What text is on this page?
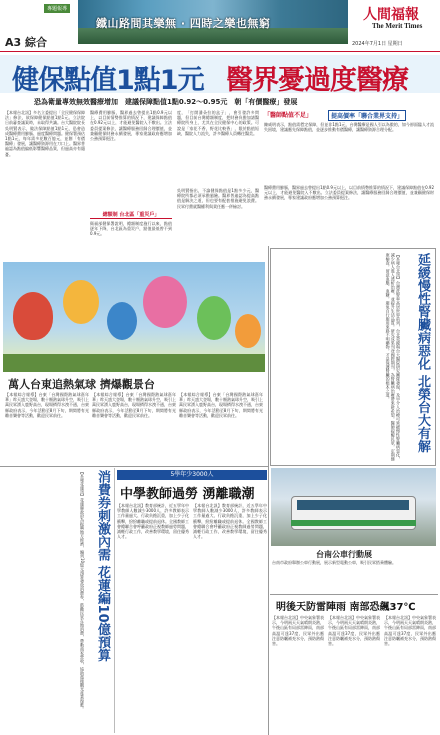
專題報導
A3 綜合
鐵山路間其樂無 · 四時之樂也無窮
人間福報
The Merit Times
2024年7月1日 星期日
健保點值1點1元 醫界憂過度醫療
恐為衛量專效無效醫療增加　建議保障點值1點0.92～0.95元　朝「有價醫療」發展
【本報台北訊】多名立委提出「全民健保保障法」修法，欲保障健保點值1點1元。立法院日前審查議案時，未取得共識。台大醫院院長吳明賢表示，做法保障點值1點1元，恐會造成醫療費用膨脹、過度醫療問題。健保署預估1點1元，每年需多花數百億元，並創「有價醫療」發展，讓醫療資源用在刀口上。醫界普遍認為點值偏低影響醫療品質，但過高亦有隱憂。
醫療費用膨脹，醫界過去曾提出1點0.9元以上，以目前情勢推算的情況下，建議保障點值在0.92元以上，才能避免醫院入不敷出。立法委員提案修法，讓醫療服務回歸合理價值，並兼顧健保財務永續發展，專家建議政府應增加公務預算挹注。
總額制 台北區「重災戶」
衛福部健保署說明，總額制度施行以來，點值逐年下降，台北區為重災戶，點值最低曾不到0.9元。
度，「打開潘朵拉的盒子」，會引發許多問題，但目前台灣總額制度，把財務負擔加諸醫療院所身上，尤其在全民健保中心的政策。可說是「家花不香，野花比較香」，限於點值短缺，醫院人力流失，許多醫療人員轉往醫美。
吳明賢指出，不論健保點值是1點多少元，醫療院所都必須承擔風險。醫界普遍認為提高點值是解決之道，但也要有配套措施避免浪費。民眾付費就醫權利與責任應一併檢討。
「醫師點值不足」	提高價率「聯合業界支持」
陳威明表示，點值需穩定保障，但並非1點1元，台灣醫療是國人引以為傲的，如今卻面臨人才流失困境，建議應先保障點值，並逐步推動有價醫療，讓醫療資源合理分配。
醫療費用膨脹，醫界過去曾提出1點0.9元以上，以目前情勢推算的情況下，建議保障點值在0.92元以上，才能避免醫院入不敷出。立法委員提案修法，讓醫療服務回歸合理價值，並兼顧健保財務永續發展，專家建議政府應增加公務預算挹注。
萬人台東追熱氣球 擠爆觀景台
【本報綜合報導】台東「台灣國際熱氣球嘉年華」昨天盛大登場，數十顆熱氣球升空，吸引上萬民眾湧入鹿野高台，現場擠得水洩不通，台東縣政府表示，今年活動至8月下旬，期間將有光雕音樂會等活動，歡迎民眾前往。
【本報綜合報導】台東「台灣國際熱氣球嘉年華」昨天盛大登場，數十顆熱氣球升空，吸引上萬民眾湧入鹿野高台，現場擠得水洩不通，台東縣政府表示，今年活動至8月下旬，期間將有光雕音樂會等活動，歡迎民眾前往。
【本報綜合報導】台東「台灣國際熱氣球嘉年華」昨天盛大登場，數十顆熱氣球升空，吸引上萬民眾湧入鹿野高台，現場擠得水洩不通，台東縣政府表示，今年活動至8月下旬，期間將有光雕音樂會等活動，歡迎民眾前往。	【本報台北訊】台灣洗腎率高居世界前列，台北榮總與台大醫院研究團隊發現，及早介入治療可延緩慢性腎臟病惡化，減少病人進入透析治療，並提升生活品質。研究成果刊登國際期刊，為腎臟病治療帶來新希望。醫師提醒民眾，定期健康檢查，留意血壓、血糖，避免自行服用來路不明藥物，才是保護腎臟的根本之道。	延緩慢性腎臟病惡化 北榮台大有解
【本報花蓮訊】花蓮縣政府為振興地方經濟，編列10億元預算發放消費券，鼓勵民眾在地消費，帶動商家營收，協助震後觀光產業復甦。 消費券刺激內需 花蓮編10億預算	5學年少3000人
中學教師過勞 湧離職潮
【本報台北訊】教育部統計，近五學年中學教師人數減少3000人，許多教師表示工作量過大、行政負擔沉重，加上少子化衝擊，紛紛離職或提前退休。全國教師工會總聯合會呼籲政府正視教師過勞問題，減輕行政工作，改善教學環境，留住優秀人才。
【本報台北訊】教育部統計，近五學年中學教師人數減少3000人，許多教師表示工作量過大、行政負擔沉重，加上少子化衝擊，紛紛離職或提前退休。全國教師工會總聯合會呼籲政府正視教師過勞問題，減輕行政工作，改善教學環境，留住優秀人才。
台南公車行動展
台南市政府舉辦公車行動展，展示新型電動公車，吸引民眾搭乘體驗。
明後天防雷陣雨 南部恐飆37℃
【本報台北訊】中央氣象署表示，今明兩天天氣晴朗炎熱，午後山區有局部雷陣雨，南部高溫可達37度，民眾外出應注意防曬補充水分，預防熱傷害。
【本報台北訊】中央氣象署表示，今明兩天天氣晴朗炎熱，午後山區有局部雷陣雨，南部高溫可達37度，民眾外出應注意防曬補充水分，預防熱傷害。
【本報台北訊】中央氣象署表示，今明兩天天氣晴朗炎熱，午後山區有局部雷陣雨，南部高溫可達37度，民眾外出應注意防曬補充水分，預防熱傷害。
